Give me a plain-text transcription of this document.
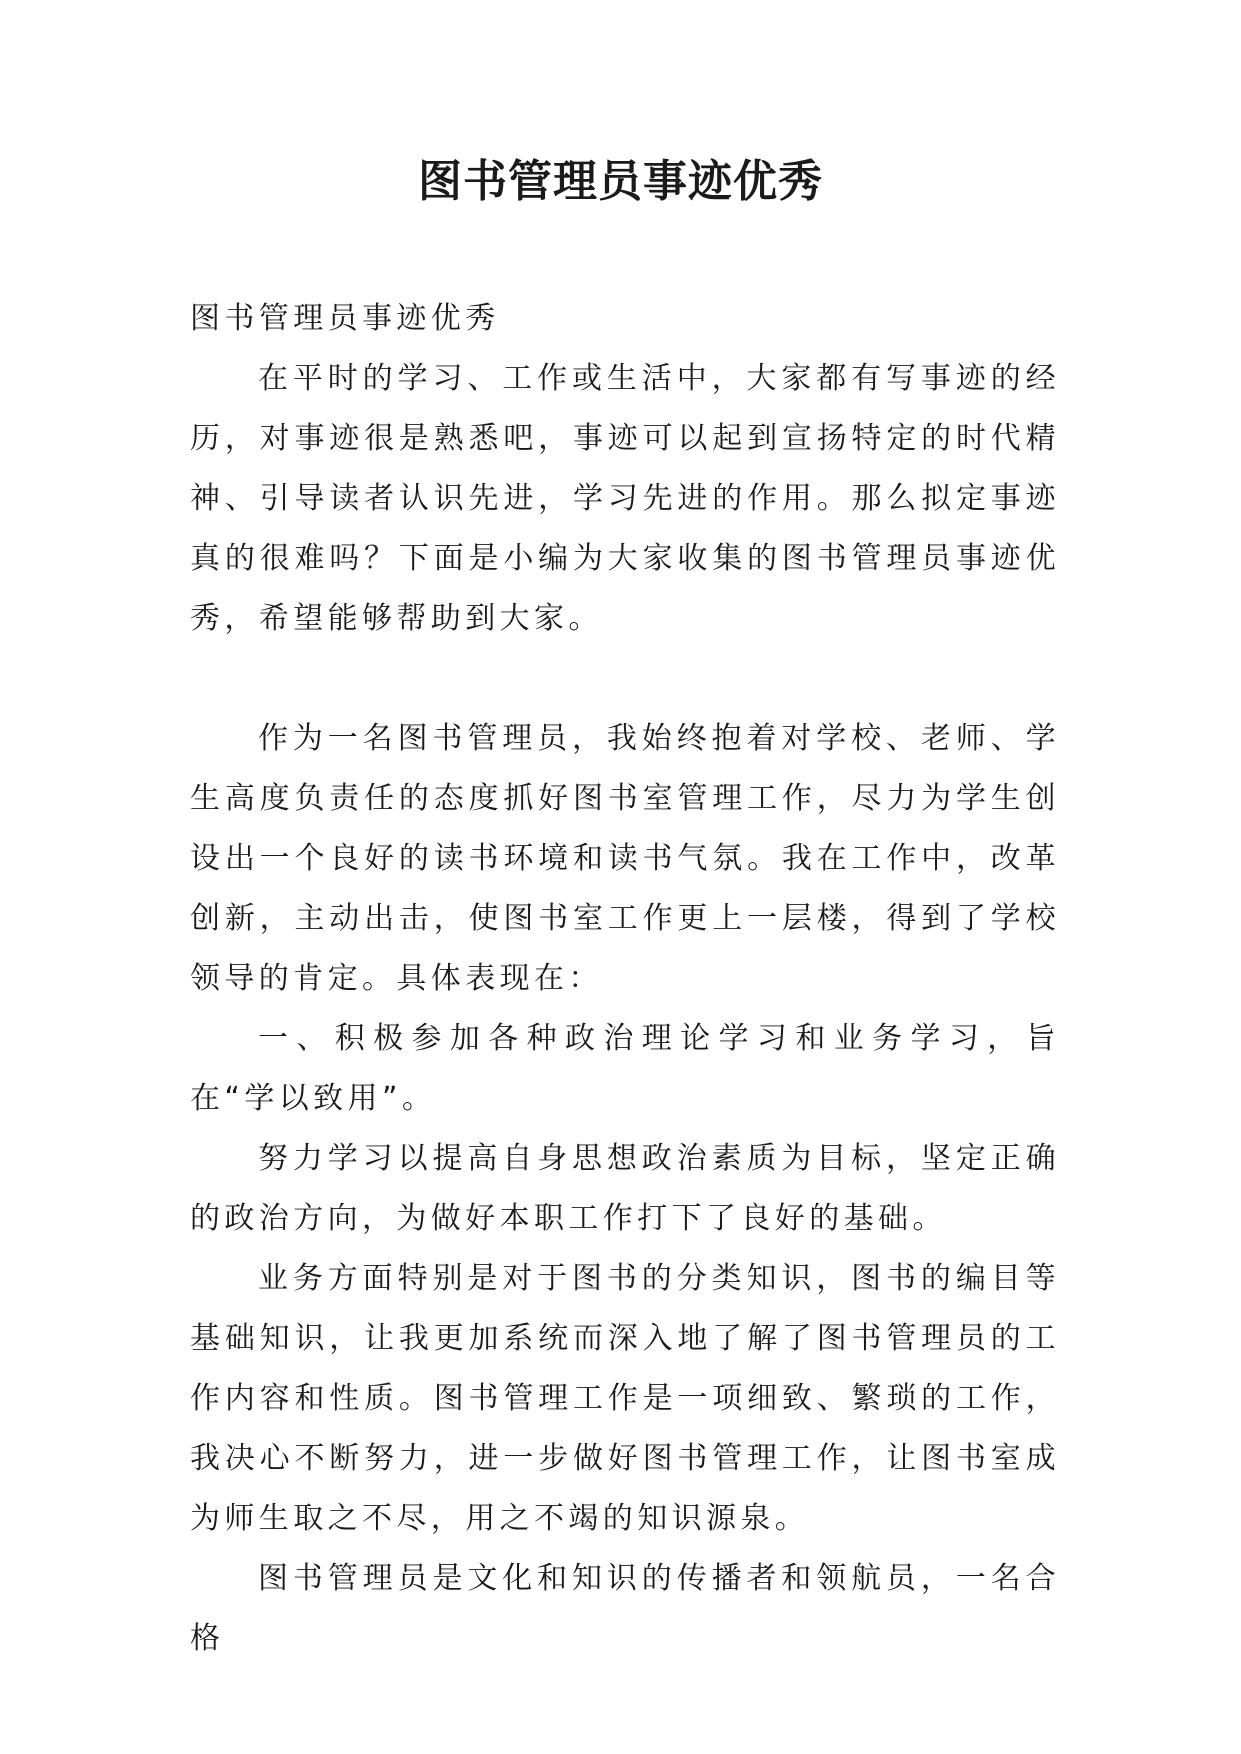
图书管理员事迹优秀

图书管理员事迹优秀

在平时的学习、工作或生活中，大家都有写事迹的经历，对事迹很是熟悉吧，事迹可以起到宣扬特定的时代精神、引导读者认识先进，学习先进的作用。那么拟定事迹真的很难吗？下面是小编为大家收集的图书管理员事迹优秀，希望能够帮助到大家。

作为一名图书管理员，我始终抱着对学校、老师、学生高度负责任的态度抓好图书室管理工作，尽力为学生创设出一个良好的读书环境和读书气氛。我在工作中，改革创新，主动出击，使图书室工作更上一层楼，得到了学校领导的肯定。具体表现在：

一、积极参加各种政治理论学习和业务学习，旨在“学以致用”。

努力学习以提高自身思想政治素质为目标，坚定正确的政治方向，为做好本职工作打下了良好的基础。

业务方面特别是对于图书的分类知识，图书的编目等基础知识，让我更加系统而深入地了解了图书管理员的工作内容和性质。图书管理工作是一项细致、繁琐的工作，我决心不断努力，进一步做好图书管理工作，让图书室成为师生取之不尽，用之不竭的知识源泉。

图书管理员是文化和知识的传播者和领航员，一名合格
